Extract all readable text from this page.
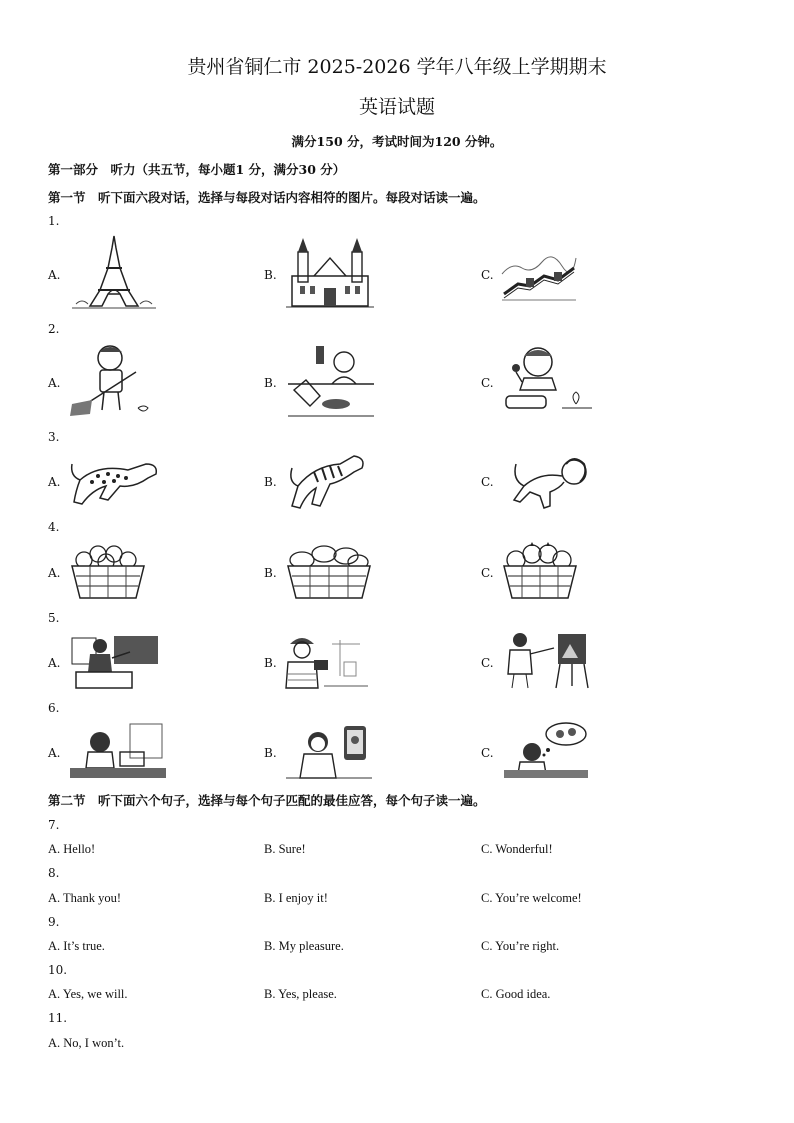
贵州省铜仁市 2025-2026 学年八年级上学期期末
英语试题
满分150 分，考试时间为120 分钟。
第一部分　听力（共五节，每小题1 分，满分30 分）
第一节　听下面六段对话，选择与每段对话内容相符的图片。每段对话读一遍。
1.
A.	B.	C.
2.
A.	B.	C.
3.
A.	B.	C.
4.
A.	B.	C.
5.
A.	B.	C.
6.
A.	B.	C.
第二节　听下面六个句子，选择与每个句子匹配的最佳应答，每个句子读一遍。
7.
A. Hello!	B. Sure!	C. Wonderful!
8.
A. Thank you!	B. I enjoy it!	C. You’re welcome!
9.
A. It’s true.	B. My pleasure.	C. You’re right.
10.
A. Yes, we will.	B. Yes, please.	C. Good idea.
11.
A. No, I won’t.
